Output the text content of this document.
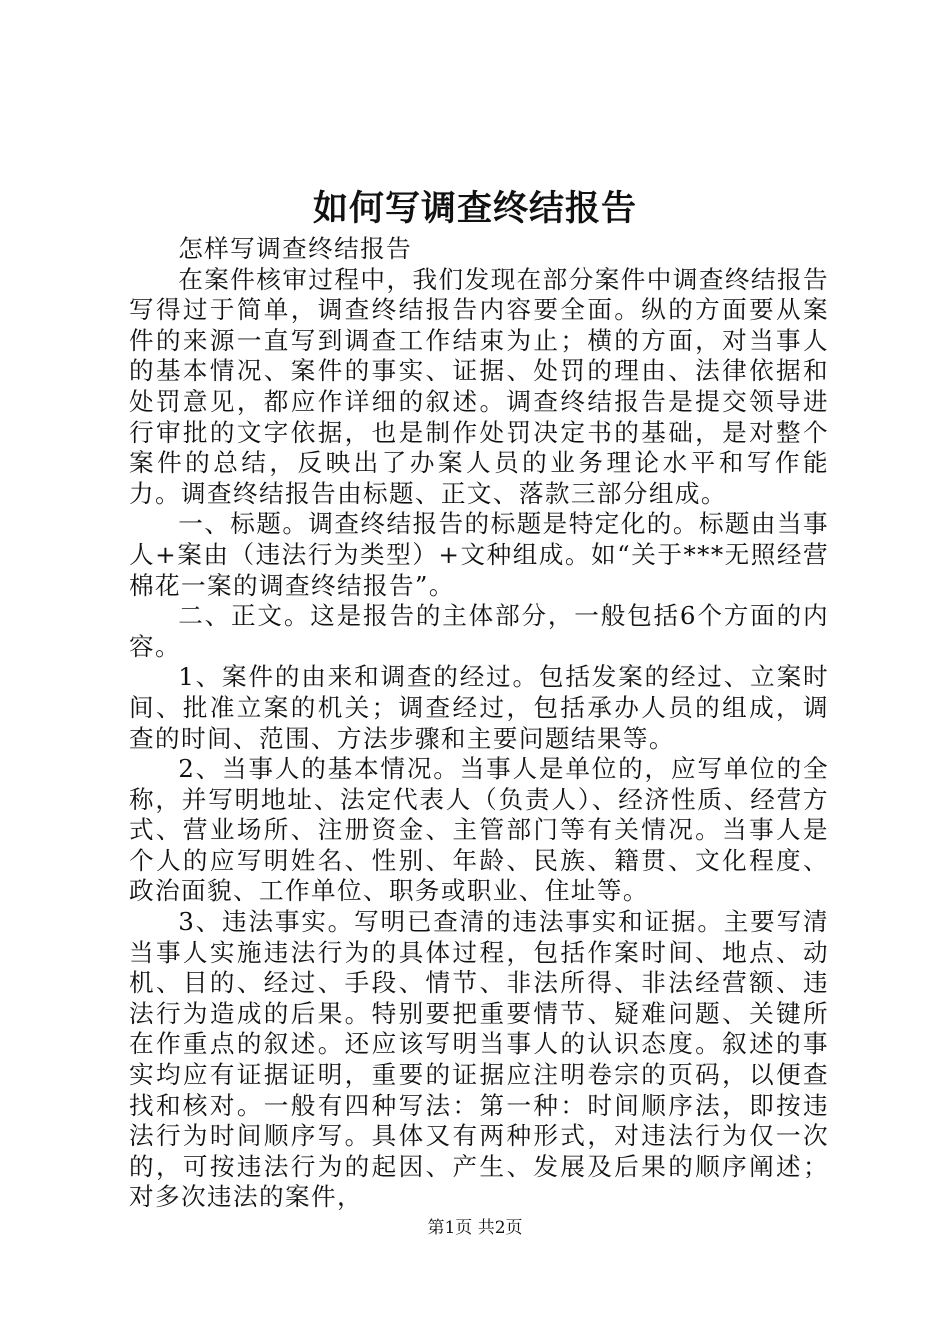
如何写调查终结报告

怎样写调查终结报告

在案件核审过程中，我们发现在部分案件中调查终结报告写得过于简单，调查终结报告内容要全面。纵的方面要从案件的来源一直写到调查工作结束为止；横的方面，对当事人的基本情况、案件的事实、证据、处罚的理由、法律依据和处罚意见，都应作详细的叙述。调查终结报告是提交领导进行审批的文字依据，也是制作处罚决定书的基础，是对整个案件的总结，反映出了办案人员的业务理论水平和写作能力。调查终结报告由标题、正文、落款三部分组成。

一、标题。调查终结报告的标题是特定化的。标题由当事人+案由（违法行为类型）+文种组成。如“关于***无照经营棉花一案的调查终结报告”。

二、正文。这是报告的主体部分，一般包括6个方面的内容。

1、案件的由来和调查的经过。包括发案的经过、立案时间、批准立案的机关；调查经过，包括承办人员的组成，调查的时间、范围、方法步骤和主要问题结果等。

2、当事人的基本情况。当事人是单位的，应写单位的全称，并写明地址、法定代表人（负责人）、经济性质、经营方式、营业场所、注册资金、主管部门等有关情况。当事人是个人的应写明姓名、性别、年龄、民族、籍贯、文化程度、政治面貌、工作单位、职务或职业、住址等。

3、违法事实。写明已查清的违法事实和证据。主要写清当事人实施违法行为的具体过程，包括作案时间、地点、动机、目的、经过、手段、情节、非法所得、非法经营额、违法行为造成的后果。特别要把重要情节、疑难问题、关键所在作重点的叙述。还应该写明当事人的认识态度。叙述的事实均应有证据证明，重要的证据应注明卷宗的页码，以便查找和核对。一般有四种写法：第一种：时间顺序法，即按违法行为时间顺序写。具体又有两种形式，对违法行为仅一次的，可按违法行为的起因、产生、发展及后果的顺序阐述；对多次违法的案件，

第1页 共2页
